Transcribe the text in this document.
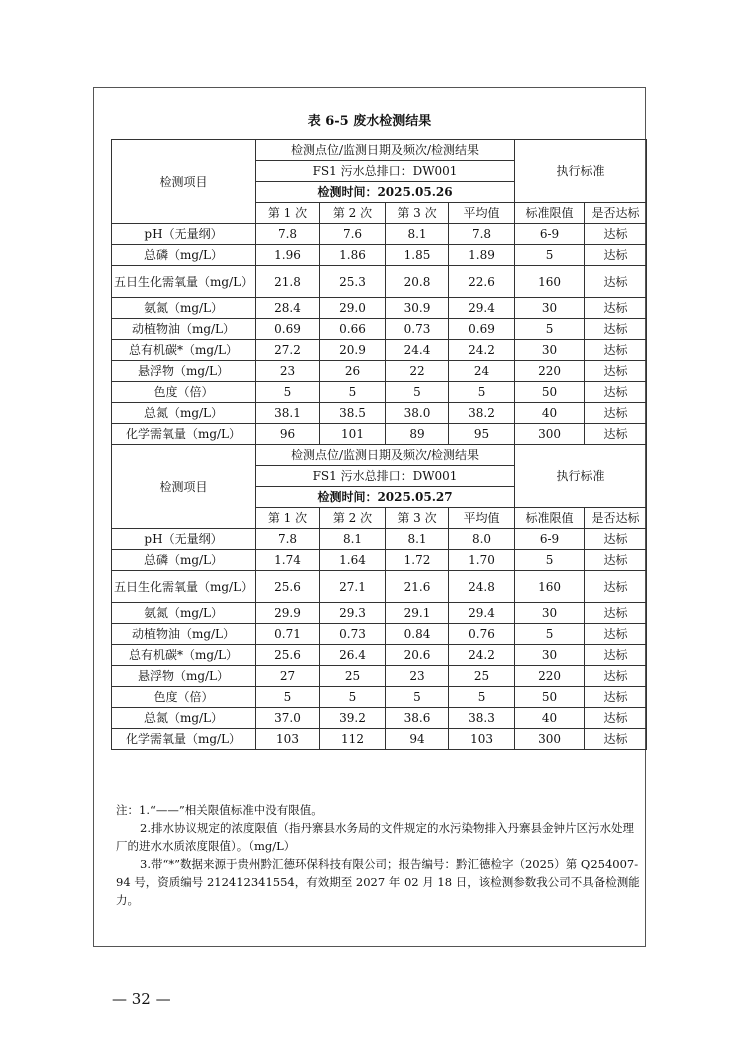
表 6-5 废水检测结果
检测项目	检测点位/监测日期及频次/检测结果				执行标准	
	FS1 污水总排口：DW001					
	检测时间：2025.05.26					
	第 1 次	第 2 次	第 3 次	平均值	标准限值	是否达标
pH（无量纲）	7.8	7.6	8.1	7.8	6-9	达标
总磷（mg/L）	1.96	1.86	1.85	1.89	5	达标
五日生化需氧量（mg/L）	21.8	25.3	20.8	22.6	160	达标
氨氮（mg/L）	28.4	29.0	30.9	29.4	30	达标
动植物油（mg/L）	0.69	0.66	0.73	0.69	5	达标
总有机碳*（mg/L）	27.2	20.9	24.4	24.2	30	达标
悬浮物（mg/L）	23	26	22	24	220	达标
色度（倍）	5	5	5	5	50	达标
总氮（mg/L）	38.1	38.5	38.0	38.2	40	达标
化学需氧量（mg/L）	96	101	89	95	300	达标
检测项目	检测点位/监测日期及频次/检测结果				执行标准	
	FS1 污水总排口：DW001					
	检测时间：2025.05.27					
	第 1 次	第 2 次	第 3 次	平均值	标准限值	是否达标
pH（无量纲）	7.8	8.1	8.1	8.0	6-9	达标
总磷（mg/L）	1.74	1.64	1.72	1.70	5	达标
五日生化需氧量（mg/L）	25.6	27.1	21.6	24.8	160	达标
氨氮（mg/L）	29.9	29.3	29.1	29.4	30	达标
动植物油（mg/L）	0.71	0.73	0.84	0.76	5	达标
总有机碳*（mg/L）	25.6	26.4	20.6	24.2	30	达标
悬浮物（mg/L）	27	25	23	25	220	达标
色度（倍）	5	5	5	5	50	达标
总氮（mg/L）	37.0	39.2	38.6	38.3	40	达标
化学需氧量（mg/L）	103	112	94	103	300	达标

注：1.“——”相关限值标准中没有限值。

2.排水协议规定的浓度限值（指丹寨县水务局的文件规定的水污染物排入丹寨县金钟片区污水处理厂的进水水质浓度限值）。（mg/L）

3.带“*”数据来源于贵州黔汇德环保科技有限公司；报告编号：黔汇德检字（2025）第 Q254007-94 号，资质编号 212412341554，有效期至 2027 年 02 月 18 日，该检测参数我公司不具备检测能力。

— 32 —
